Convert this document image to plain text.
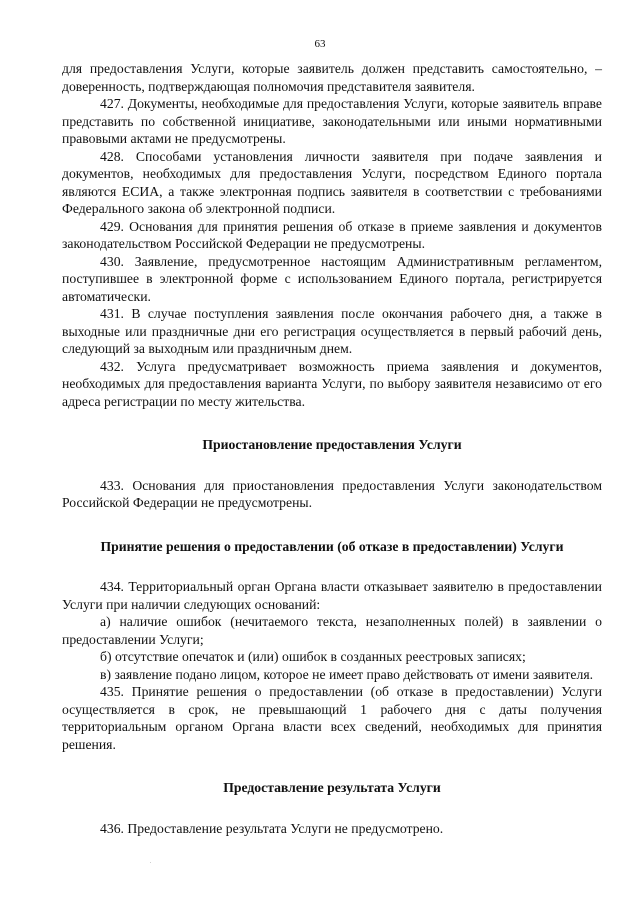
63

для предоставления Услуги, которые заявитель должен представить самостоятельно, – доверенность, подтверждающая полномочия представителя заявителя.

427. Документы, необходимые для предоставления Услуги, которые заявитель вправе представить по собственной инициативе, законодательными или иными нормативными правовыми актами не предусмотрены.

428. Способами установления личности заявителя при подаче заявления и документов, необходимых для предоставления Услуги, посредством Единого портала являются ЕСИА, а также электронная подпись заявителя в соответствии с требованиями Федерального закона об электронной подписи.

429. Основания для принятия решения об отказе в приеме заявления и документов законодательством Российской Федерации не предусмотрены.

430. Заявление, предусмотренное настоящим Административным регламентом, поступившее в электронной форме с использованием Единого портала, регистрируется автоматически.

431. В случае поступления заявления после окончания рабочего дня, а также в выходные или праздничные дни его регистрация осуществляется в первый рабочий день, следующий за выходным или праздничным днем.

432. Услуга предусматривает возможность приема заявления и документов, необходимых для предоставления варианта Услуги, по выбору заявителя независимо от его адреса регистрации по месту жительства.

Приостановление предоставления Услуги

433. Основания для приостановления предоставления Услуги законодательством Российской Федерации не предусмотрены.

Принятие решения о предоставлении (об отказе в предоставлении) Услуги

434. Территориальный орган Органа власти отказывает заявителю в предоставлении Услуги при наличии следующих оснований:

а) наличие ошибок (нечитаемого текста, незаполненных полей) в заявлении о предоставлении Услуги;

б) отсутствие опечаток и (или) ошибок в созданных реестровых записях;

в) заявление подано лицом, которое не имеет право действовать от имени заявителя.

435. Принятие решения о предоставлении (об отказе в предоставлении) Услуги осуществляется в срок, не превышающий 1 рабочего дня с даты получения территориальным органом Органа власти всех сведений, необходимых для принятия решения.

Предоставление результата Услуги

436. Предоставление результата Услуги не предусмотрено.
